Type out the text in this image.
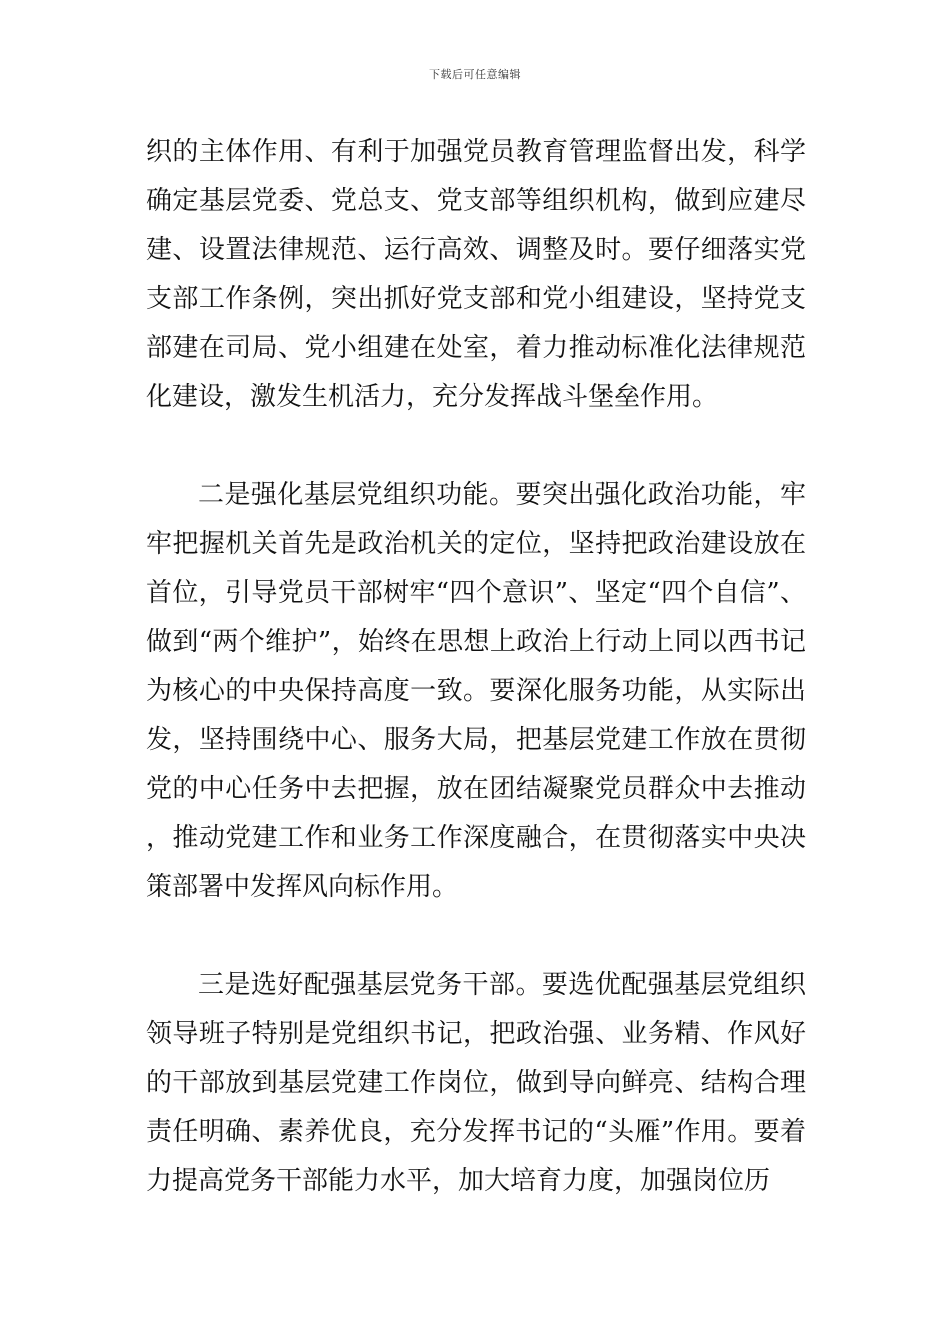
下载后可任意编辑

织的主体作用、有利于加强党员教育管理监督出发，科学确定基层党委、党总支、党支部等组织机构，做到应建尽建、设置法律规范、运行高效、调整及时。要仔细落实党支部工作条例，突出抓好党支部和党小组建设，坚持党支部建在司局、党小组建在处室，着力推动标准化法律规范化建设，激发生机活力，充分发挥战斗堡垒作用。

二是强化基层党组织功能。要突出强化政治功能，牢牢把握机关首先是政治机关的定位，坚持把政治建设放在首位，引导党员干部树牢“四个意识”、坚定“四个自信”、做到“两个维护”，始终在思想上政治上行动上同以西书记为核心的中央保持高度一致。要深化服务功能，从实际出发，坚持围绕中心、服务大局，把基层党建工作放在贯彻党的中心任务中去把握，放在团结凝聚党员群众中去推动，推动党建工作和业务工作深度融合，在贯彻落实中央决策部署中发挥风向标作用。

三是选好配强基层党务干部。要选优配强基层党组织领导班子特别是党组织书记，把政治强、业务精、作风好的干部放到基层党建工作岗位，做到导向鲜亮、结构合理责任明确、素养优良，充分发挥书记的“头雁”作用。要着力提高党务干部能力水平，加大培育力度，加强岗位历
